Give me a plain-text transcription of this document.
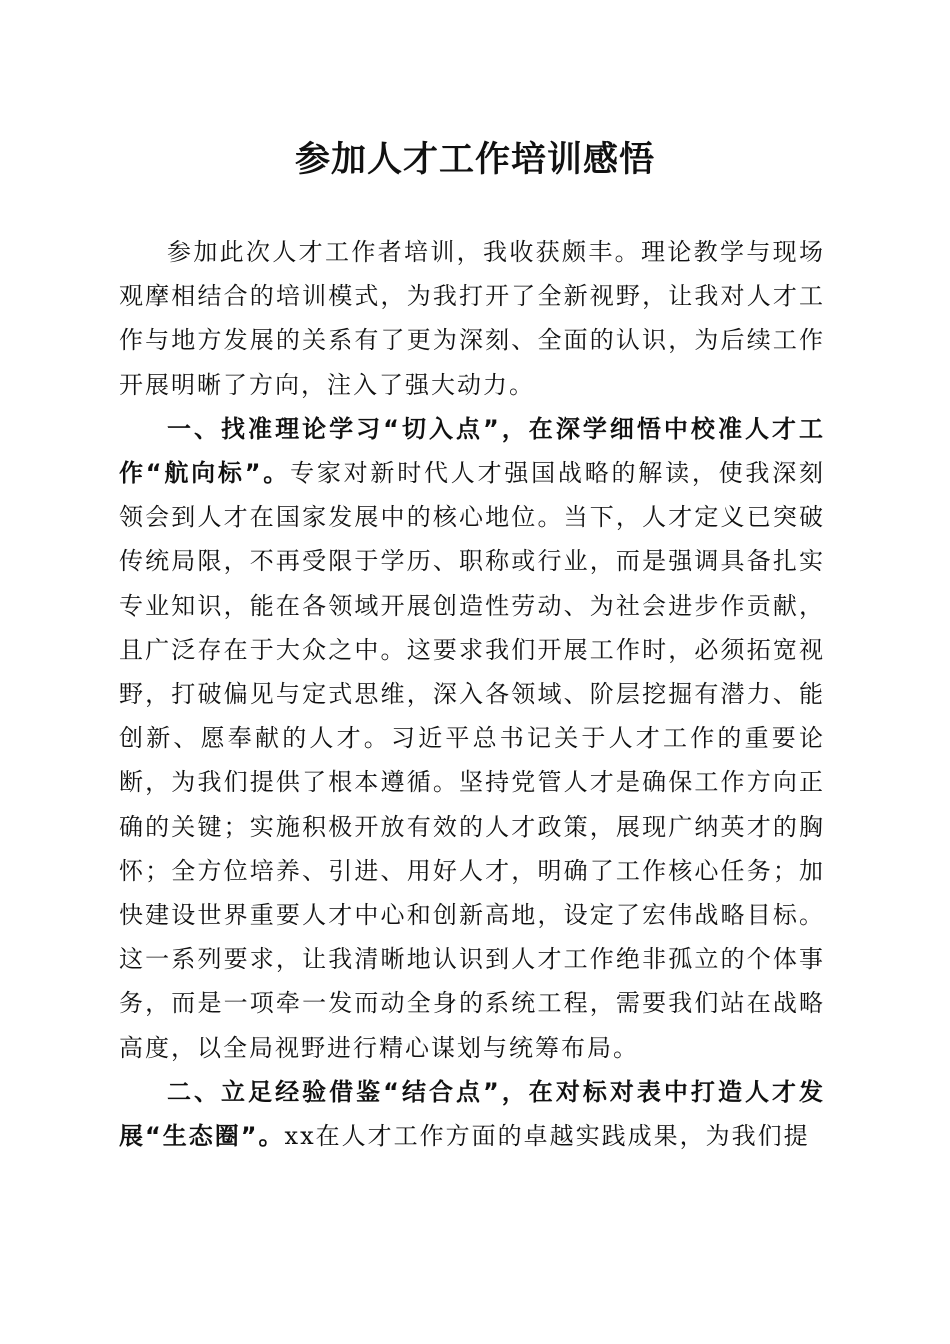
参加人才工作培训感悟

参加此次人才工作者培训，我收获颇丰。理论教学与现场观摩相结合的培训模式，为我打开了全新视野，让我对人才工作与地方发展的关系有了更为深刻、全面的认识，为后续工作开展明晰了方向，注入了强大动力。

一、找准理论学习“切入点”，在深学细悟中校准人才工作“航向标”。专家对新时代人才强国战略的解读，使我深刻领会到人才在国家发展中的核心地位。当下，人才定义已突破传统局限，不再受限于学历、职称或行业，而是强调具备扎实专业知识，能在各领域开展创造性劳动、为社会进步作贡献，且广泛存在于大众之中。这要求我们开展工作时，必须拓宽视野，打破偏见与定式思维，深入各领域、阶层挖掘有潜力、能创新、愿奉献的人才。习近平总书记关于人才工作的重要论断，为我们提供了根本遵循。坚持党管人才是确保工作方向正确的关键；实施积极开放有效的人才政策，展现广纳英才的胸怀；全方位培养、引进、用好人才，明确了工作核心任务；加快建设世界重要人才中心和创新高地，设定了宏伟战略目标。这一系列要求，让我清晰地认识到人才工作绝非孤立的个体事务，而是一项牵一发而动全身的系统工程，需要我们站在战略高度，以全局视野进行精心谋划与统筹布局。

二、立足经验借鉴“结合点”，在对标对表中打造人才发展“生态圈”。xx在人才工作方面的卓越实践成果，为我们提
